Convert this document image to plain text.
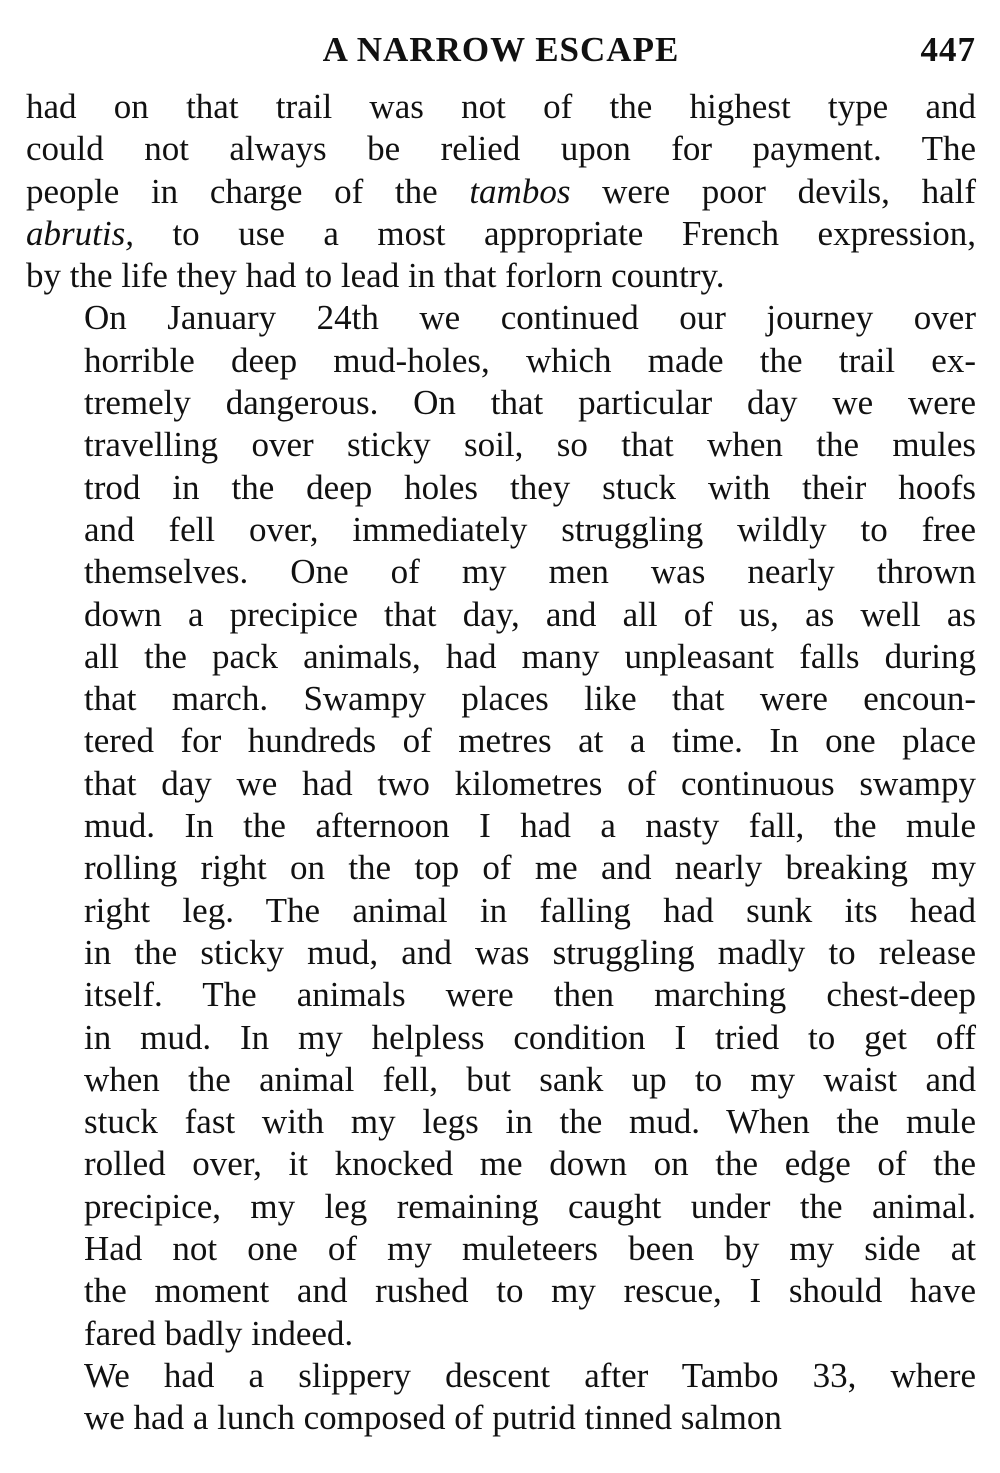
A NARROW ESCAPE	447
had on that trail was not of the highest type and
could not always be relied upon for payment. The
people in charge of the tambos were poor devils, half
abrutis, to use a most appropriate French expression,
by the life they had to lead in that forlorn country.
On January 24th we continued our journey over
horrible deep mud-holes, which made the trail ex-
tremely dangerous. On that particular day we were
travelling over sticky soil, so that when the mules
trod in the deep holes they stuck with their hoofs
and fell over, immediately struggling wildly to free
themselves. One of my men was nearly thrown
down a precipice that day, and all of us, as well as
all the pack animals, had many unpleasant falls during
that march. Swampy places like that were encoun-
tered for hundreds of metres at a time. In one place
that day we had two kilometres of continuous swampy
mud. In the afternoon I had a nasty fall, the mule
rolling right on the top of me and nearly breaking my
right leg. The animal in falling had sunk its head
in the sticky mud, and was struggling madly to release
itself. The animals were then marching chest-deep
in mud. In my helpless condition I tried to get off
when the animal fell, but sank up to my waist and
stuck fast with my legs in the mud. When the mule
rolled over, it knocked me down on the edge of the
precipice, my leg remaining caught under the animal.
Had not one of my muleteers been by my side at
the moment and rushed to my rescue, I should have
fared badly indeed.
We had a slippery descent after Tambo 33, where
we had a lunch composed of putrid tinned salmon
